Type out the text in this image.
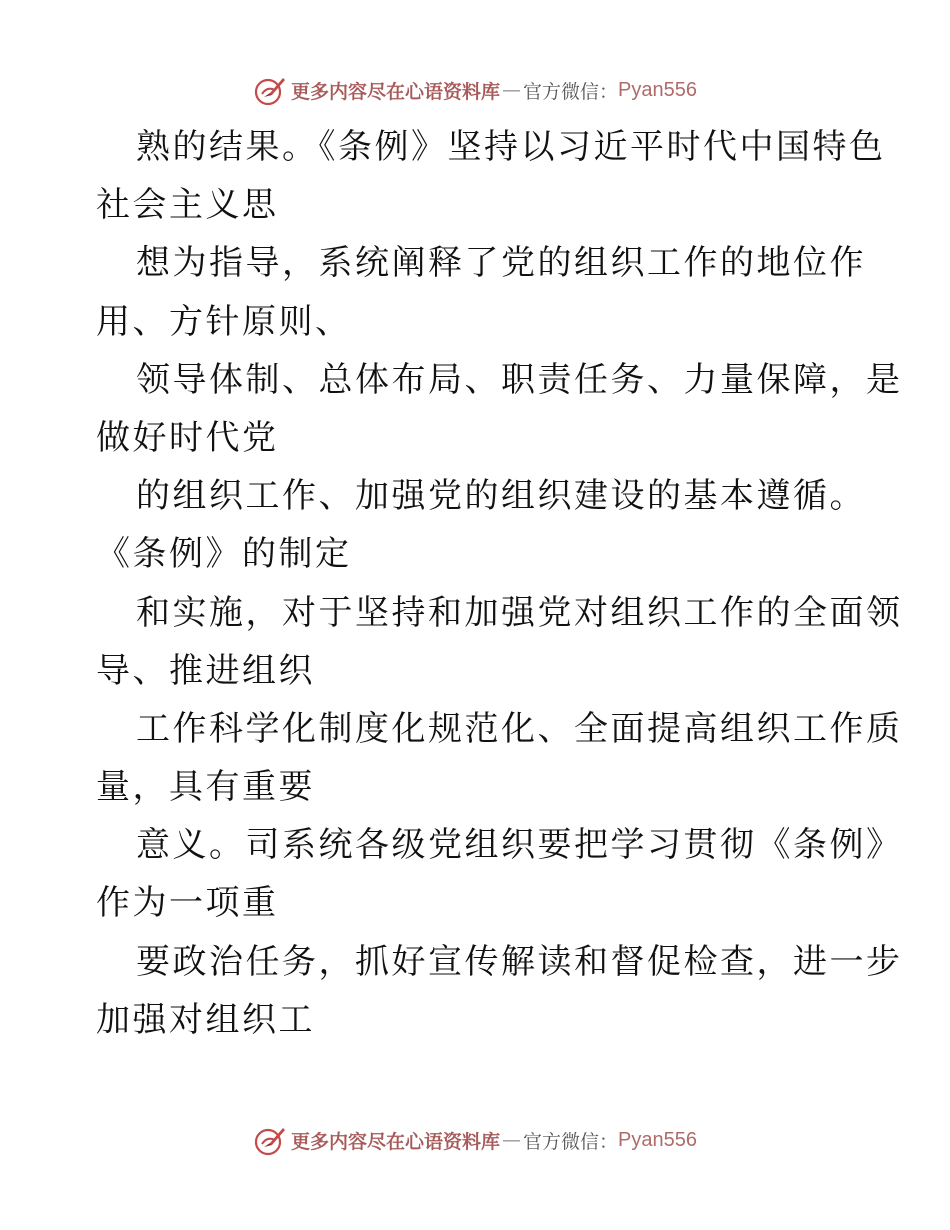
更多内容尽在心语资料库 — 官方微信： Pyan556
熟的结果。《条例》坚持以习近平时代中国特色
社会主义思
想为指导，系统阐释了党的组织工作的地位作
用、方针原则、
领导体制、总体布局、职责任务、力量保障，是
做好时代党
的组织工作、加强党的组织建设的基本遵循。
《条例》的制定
和实施，对于坚持和加强党对组织工作的全面领
导、推进组织
工作科学化制度化规范化、全面提高组织工作质
量，具有重要
意义。司系统各级党组织要把学习贯彻《条例》
作为一项重
要政治任务，抓好宣传解读和督促检查，进一步
加强对组织工
更多内容尽在心语资料库 — 官方微信： Pyan556
